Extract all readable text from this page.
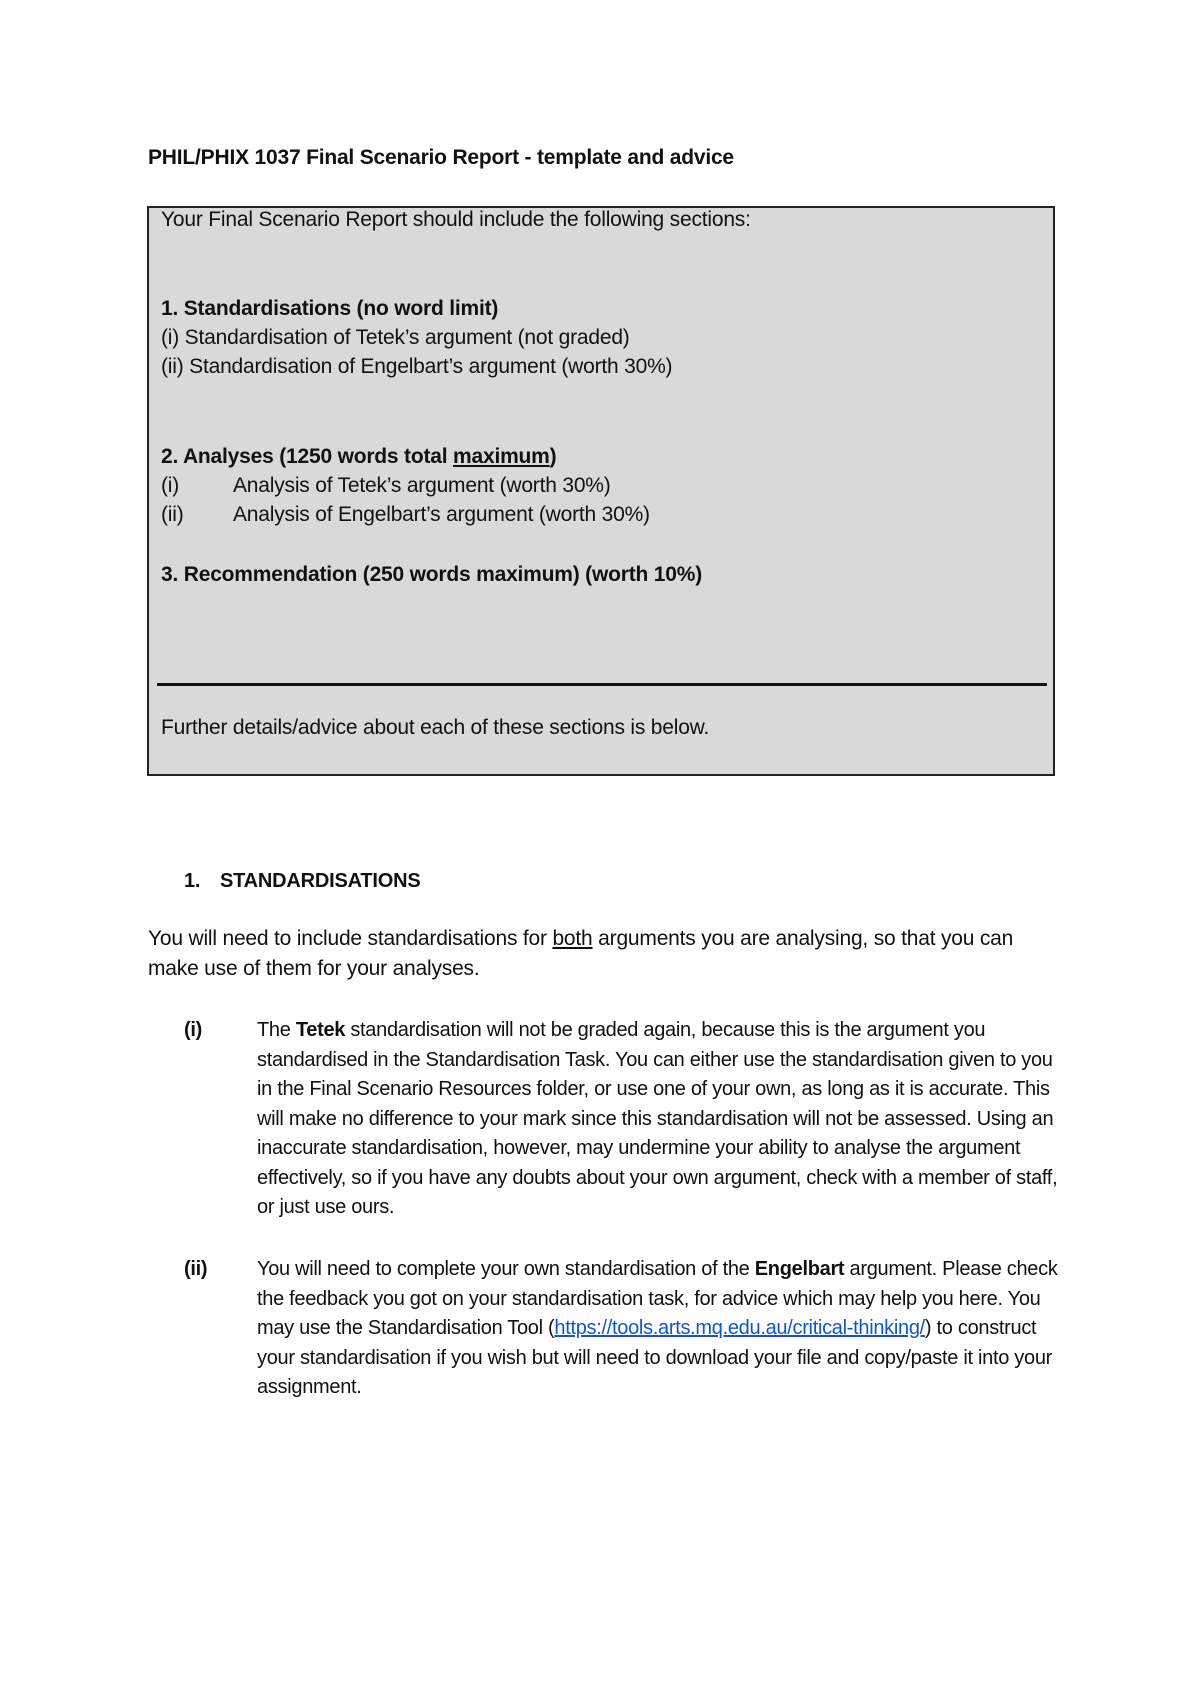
PHIL/PHIX 1037 Final Scenario Report - template and advice
Your Final Scenario Report should include the following sections:
1. Standardisations (no word limit)
(i) Standardisation of Tetek’s argument (not graded)
(ii) Standardisation of Engelbart’s argument (worth 30%)
2. Analyses (1250 words total maximum)
(i)	Analysis of Tetek’s argument (worth 30%)
(ii) Analysis of Engelbart’s argument (worth 30%)
3. Recommendation (250 words maximum) (worth 10%)
Further details/advice about each of these sections is below.
1. STANDARDISATIONS
You will need to include standardisations for both arguments you are analysing, so that you can make use of them for your analyses.
(i)	The Tetek standardisation will not be graded again, because this is the argument you standardised in the Standardisation Task. You can either use the standardisation given to you in the Final Scenario Resources folder, or use one of your own, as long as it is accurate. This will make no difference to your mark since this standardisation will not be assessed. Using an inaccurate standardisation, however, may undermine your ability to analyse the argument effectively, so if you have any doubts about your own argument, check with a member of staff, or just use ours.
(ii) You will need to complete your own standardisation of the Engelbart argument. Please check the feedback you got on your standardisation task, for advice which may help you here. You may use the Standardisation Tool (https://tools.arts.mq.edu.au/critical-thinking/) to construct your standardisation if you wish but will need to download your file and copy/paste it into your assignment.
